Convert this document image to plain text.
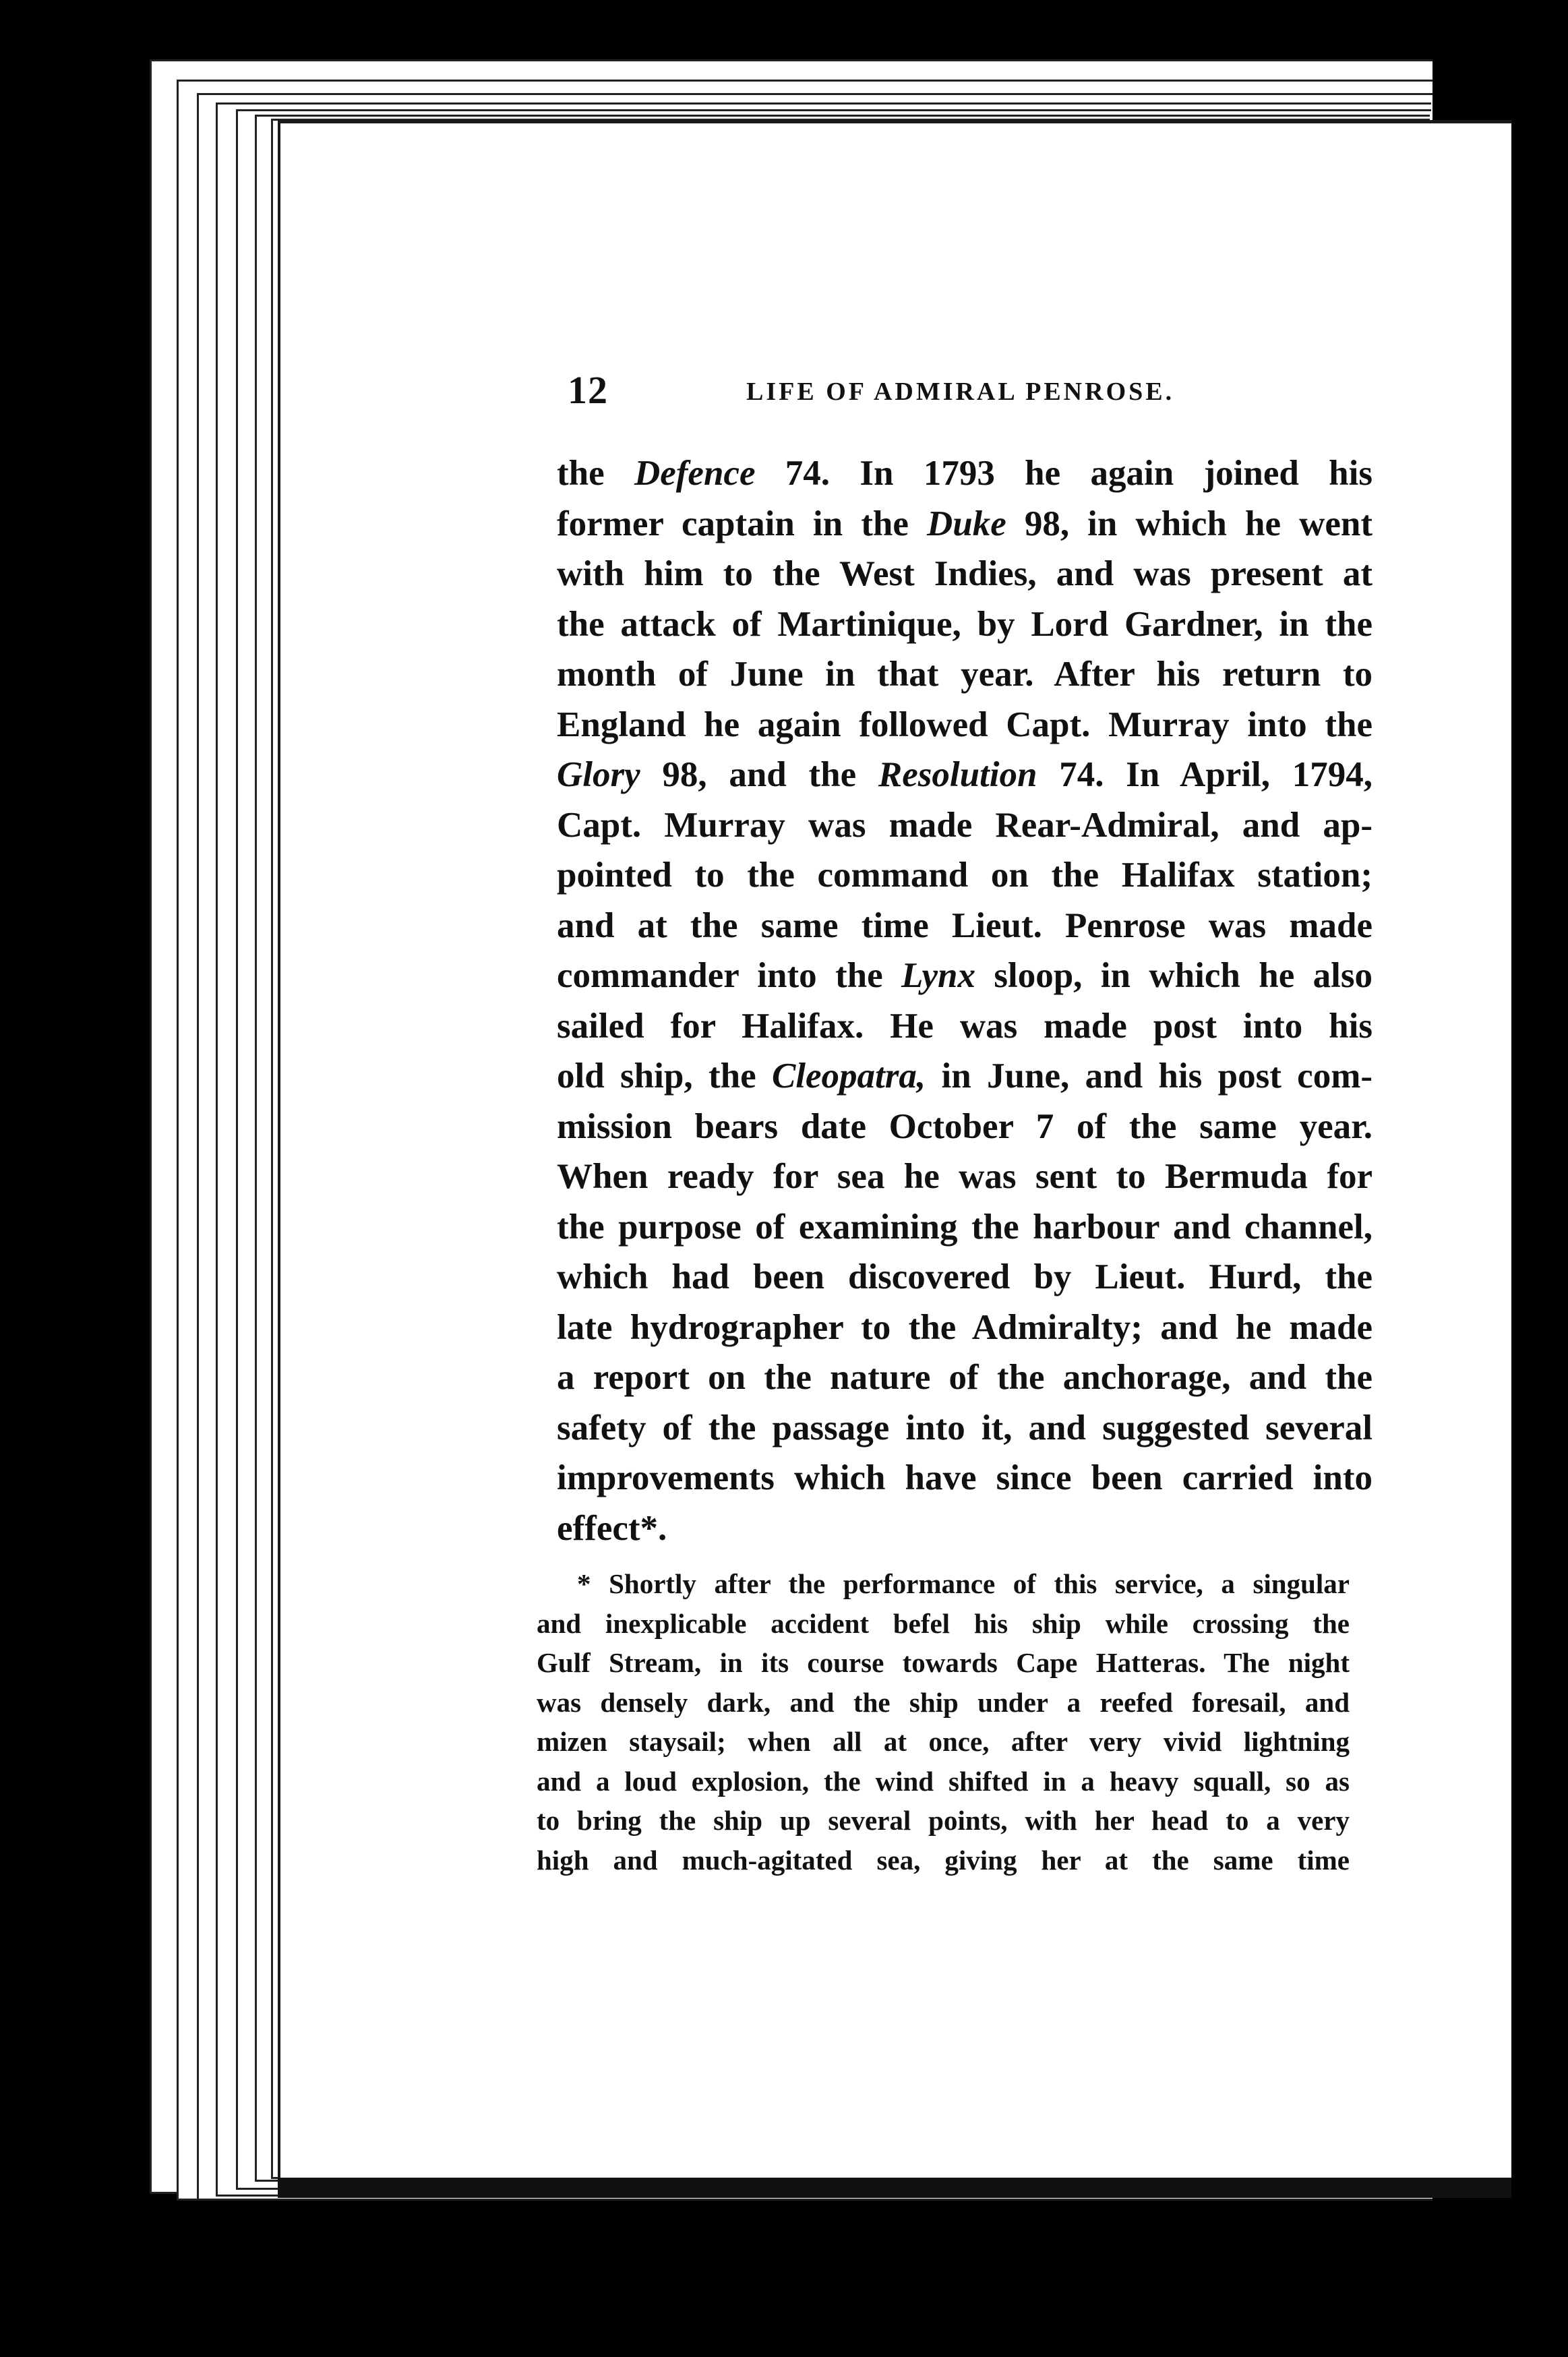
12	LIFE OF ADMIRAL PENROSE.
the Defence 74. In 1793 he again joined his
former captain in the Duke 98, in which he went
with him to the West Indies, and was present at
the attack of Martinique, by Lord Gardner, in the
month of June in that year. After his return to
England he again followed Capt. Murray into the
Glory 98, and the Resolution 74. In April, 1794,
Capt. Murray was made Rear-Admiral, and ap-
pointed to the command on the Halifax station;
and at the same time Lieut. Penrose was made
commander into the Lynx sloop, in which he also
sailed for Halifax. He was made post into his
old ship, the Cleopatra, in June, and his post com-
mission bears date October 7 of the same year.
When ready for sea he was sent to Bermuda for
the purpose of examining the harbour and channel,
which had been discovered by Lieut. Hurd, the
late hydrographer to the Admiralty; and he made
a report on the nature of the anchorage, and the
safety of the passage into it, and suggested several
improvements which have since been carried into
effect*.
* Shortly after the performance of this service, a singular
and inexplicable accident befel his ship while crossing the
Gulf Stream, in its course towards Cape Hatteras. The night
was densely dark, and the ship under a reefed foresail, and
mizen staysail; when all at once, after very vivid lightning
and a loud explosion, the wind shifted in a heavy squall, so as
to bring the ship up several points, with her head to a very
high and much-agitated sea, giving her at the same time
